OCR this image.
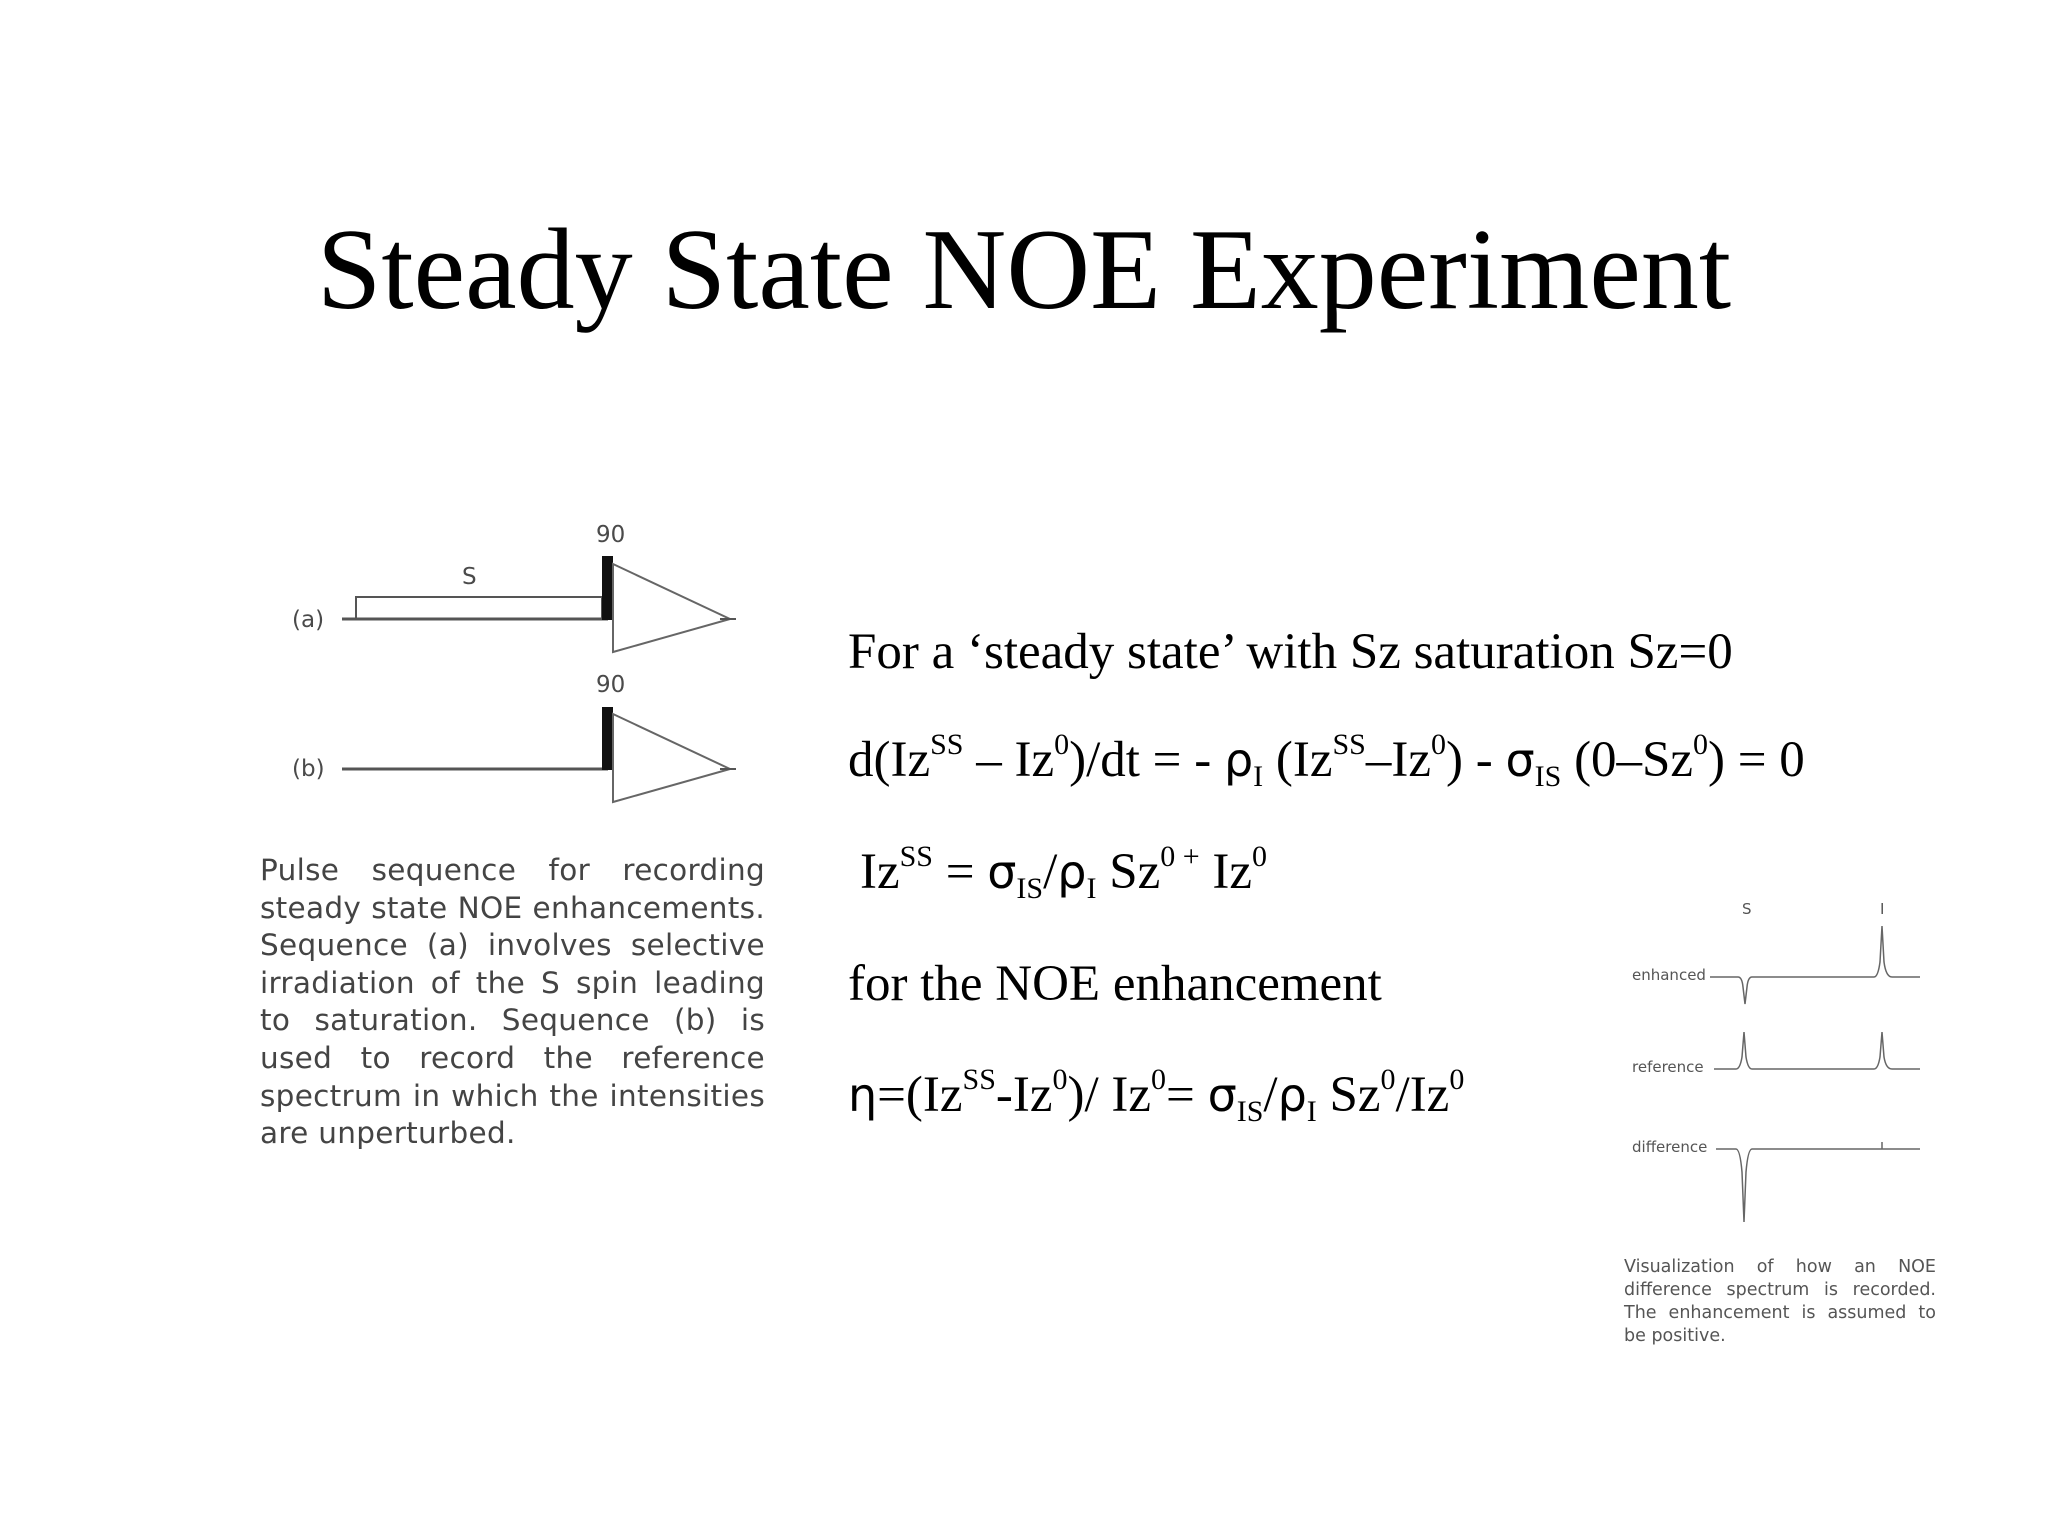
Steady State NOE Experiment
For a ‘steady state’ with Sz saturation Sz=0
$d(Iz^{SS} - Iz^0)/dt$ = - $\rho_I$ $(Iz^{SS}-Iz^0) - \sigma_{IS}$ $(0-Sz^0) = 0$
$Iz^{SS} = \sigma_{IS}/\rho_I$ $Sz^{0 +}$ Iz$^0$
for the NOE enhancement
$\eta=(Iz^{SS}-Iz^0)/$ $Iz^0= \sigma_{IS}/\rho_I$ Sz$^0$/Iz$^0$
90
S
(a)
90
(b)
Pulse sequence for recording steady state NOE enhancements. Sequence (a) involves selective irradiation of the S spin leading to saturation. Sequence (b) is used to record the reference spectrum in which the intensities are unperturbed.
S	I
enhanced
reference
difference
Visualization of how an NOE difference spectrum is recorded. The enhancement is assumed to be positive.
